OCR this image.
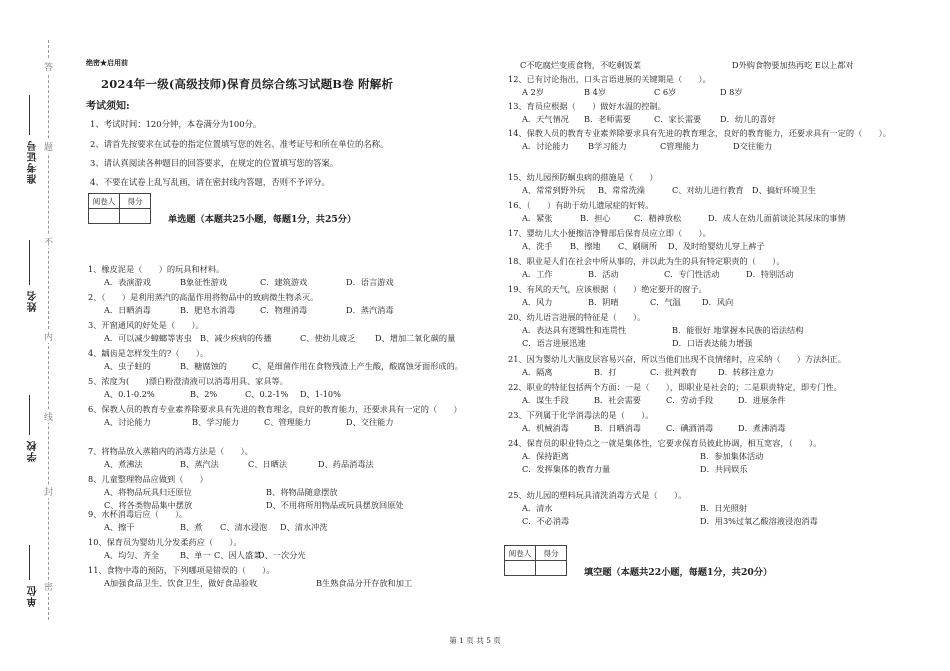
准考证号
姓名
学校
单位
答
题
不
内
线
封
密
绝密★启用前
2024年一级(高级技师)保育员综合练习试题B卷 附解析
考试须知:
1、考试时间：120分钟，本卷满分为100分。
2、请首先按要求在试卷的指定位置填写您的姓名、准考证号和所在单位的名称。
3、请认真阅读各种题目的回答要求，在规定的位置填写您的答案。
4、不要在试卷上乱写乱画，请在密封线内答题，否则不予评分。
阅卷人	得分

单选题（本题共25小题，每题1分，共25分）
1、橡皮泥是（　　）的玩具和材料。
A．表演游戏	B象征性游戏	C．建筑游戏	D．语言游戏
2、（　　）是利用蒸汽的高温作用将物品中的致病微生物杀灭。
A．日晒消毒	B．肥皂水消毒	C．物理消毒	D．蒸汽消毒
3、开窗通风的好处是（　　）。
A．可以减少蟑螂等害虫 B、减少疾病的传播	C、使幼儿疲乏 D、增加二氧化碳的量
4、龋齿是怎样发生的?（　　）。
A、虫子蛀的	B、糖腐蚀的	C、是细菌作用在食物残渣上产生酸，酸腐蚀牙面形成的。
5、浓度为(　　)漂白粉澄清液可以消毒用具、家具等。
A、0.1-0.2%	B、2%	C、0.2-1% D、1-10%
6、保教人员的教育专业素养除要求具有先进的教育理念，良好的教育能力，还要求具有一定的（　　）
A、讨论能力	B、学习能力	C、管理能力	D、交往能力
7、将物品放入蒸箱内的消毒方法是（　　）。
A、煮沸法	B、蒸汽法	C、日晒法	D、药品消毒法
8、儿童整理物品应做到（　　）
A、将物品玩具归还原位	B、将物品随意摆放
C、将各类物品集中摆放	D、不用将所用物品或玩具摆放回原处
9、水杯消毒后应（　　）。
A、擦干	B、煮 C、清水浸泡 D、清水冲洗
10、保育员为婴幼儿分发柔药应（　　）。
A、均匀、齐全	B、单一 C、因人盛菜
D、一次分光
11、食物中毒的预防，下列哪项是错误的（　　）。
A加强食品卫生、饮食卫生，做好食品验收	B生熟食品分开存放和加工
C不吃腐烂变质食物，不吃剩饭菜	D外购食物要加热再吃 E以上都对
12、已有讨论指出，口头言语进展的关键期是（　　）。
A 2岁	B 4岁	C 6岁	D 8岁
13、育员应根据（　　）做好水温的控制。
A．天气情况 B．老师需要	C．家长需要 D．幼儿的喜好
14、保教人员的教育专业素养除要求具有先进的教育理念，良好的教育能力，还要求具有一定的（　　）。
A．讨论能力 B学习能力	C管理能力	D交往能力
15、幼儿园预防蛔虫病的措施是（　　）
A、常常到野外玩 B、常常洗澡	C、对幼儿进行教育 D、搞好环境卫生
16、（　　）有助于幼儿遗尿症的好转。
A．紧张	B．担心	C．精神放松	D．成人在幼儿面前谈论其尿床的事情
17、婴幼儿大小便擦洁净臀部后保育员应立即（　　）。
A、洗手 B、擦地 C、刷厕所 D、及时给婴幼儿穿上裤子
18、职业是人们在社会中所从事的，并以此为生的具有特定职责的（　　）。
A．工作	B．活动	C．专门性活动	D．特别活动
19、有风的天气，应该根据（　　）绝定要开的窗子。
A．风力	B．阴晴	C．气温	D．风向
20、幼儿语言进展的特征是（　　）。
A．表达具有逻辑性和连贯性	B．能很好 地掌握本民族的语法结构
C．语言进展迅速	D．口语表达能力增强
21、因为婴幼儿大脑皮层容易兴奋，所以当他们出现不良情绪时，应采纳（　　）方法纠正。
A．隔离	B．打	C．批判教育	D．转移注意力
22、职业的特征包括两个方面：一是（　　），即职业是社会的；二是职责特定，即专门性。
A．谋生手段	B．社会需要	C．劳动手段	D．进展条件
23、下列属于化学消毒法的是（　　）。
A．机械消毒	B．日晒消毒	C．碘酒消毒	D．煮沸消毒
24、保育员的职业特点之一就是集体性，它要求保育员彼此协调，相互宽容，（　　）。
A．保持距离	B．参加集体活动
C．发挥集体的教育力量	D．共同娱乐
25、幼儿园的塑料玩具清洗消毒方式是（　　）。
A．清水	B．日光照射
C．不必消毒	D．用3%过氧乙酸溶液浸泡消毒
阅卷人	得分

填空题（本题共22小题，每题1分，共20分）
第 1 页 共 5 页
